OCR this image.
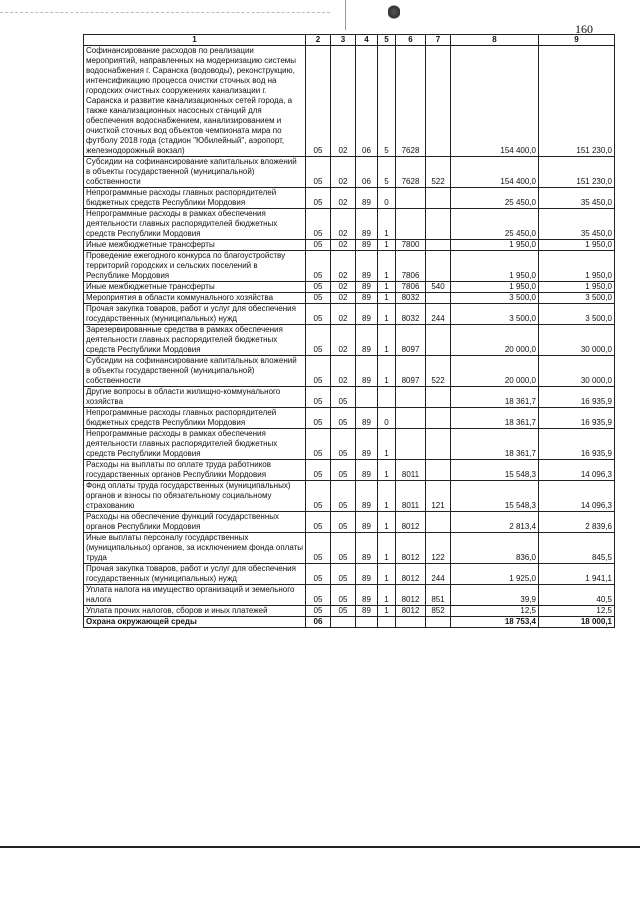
160
1	2	3	4	5	6	7	8	9
Софинансирование расходов по реализации мероприятий, направленных на модернизацию системы водоснабжения г. Саранска (водоводы), реконструкцию, интенсификацию процесса очистки сточных вод на городских очистных сооружениях канализации г. Саранска и развитие канализационных сетей города, а также канализационных насосных станций для обеспечения водоснабжением, канализированием и очисткой сточных вод объектов чемпионата мира по футболу 2018 года (стадион "Юбилейный", аэропорт, железнодорожный вокзал)	05	02	06	5	7628		154 400,0	151 230,0
Субсидии на софинансирование капитальных вложений в объекты государственной (муниципальной) собственности	05	02	06	5	7628	522	154 400,0	151 230,0
Непрограммные расходы главных распорядителей бюджетных средств Республики Мордовия	05	02	89	0			25 450,0	35 450,0
Непрограммные расходы в рамках обеспечения деятельности главных распорядителей бюджетных средств Республики Мордовия	05	02	89	1			25 450,0	35 450,0
Иные межбюджетные трансферты	05	02	89	1	7800		1 950,0	1 950,0
Проведение ежегодного конкурса по благоустройству территорий городских и сельских поселений в Республике Мордовия	05	02	89	1	7806		1 950,0	1 950,0
Иные межбюджетные трансферты	05	02	89	1	7806	540	1 950,0	1 950,0
Мероприятия в области коммунального хозяйства	05	02	89	1	8032		3 500,0	3 500,0
Прочая закупка товаров, работ и услуг для обеспечения государственных (муниципальных) нужд	05	02	89	1	8032	244	3 500,0	3 500,0
Зарезервированные средства в рамках обеспечения деятельности главных распорядителей бюджетных средств Республики Мордовия	05	02	89	1	8097		20 000,0	30 000,0
Субсидии на софинансирование капитальных вложений в объекты государственной (муниципальной) собственности	05	02	89	1	8097	522	20 000,0	30 000,0
Другие вопросы в области жилищно-коммунального хозяйства	05	05					18 361,7	16 935,9
Непрограммные расходы главных распорядителей бюджетных средств Республики Мордовия	05	05	89	0			18 361,7	16 935,9
Непрограммные расходы в рамках обеспечения деятельности главных распорядителей бюджетных средств Республики Мордовия	05	05	89	1			18 361,7	16 935,9
Расходы на выплаты по оплате труда работников государственных органов Республики Мордовия	05	05	89	1	8011		15 548,3	14 096,3
Фонд оплаты труда государственных (муниципальных) органов и взносы по обязательному социальному страхованию	05	05	89	1	8011	121	15 548,3	14 096,3
Расходы на обеспечение функций государственных органов Республики Мордовия	05	05	89	1	8012		2 813,4	2 839,6
Иные выплаты персоналу государственных (муниципальных) органов, за исключением фонда оплаты труда	05	05	89	1	8012	122	836,0	845,5
Прочая закупка товаров, работ и услуг для обеспечения государственных (муниципальных) нужд	05	05	89	1	8012	244	1 925,0	1 941,1
Уплата налога на имущество организаций и земельного налога	05	05	89	1	8012	851	39,9	40,5
Уплата прочих налогов, сборов и иных платежей	05	05	89	1	8012	852	12,5	12,5
Охрана окружающей среды	06						18 753,4	18 000,1
